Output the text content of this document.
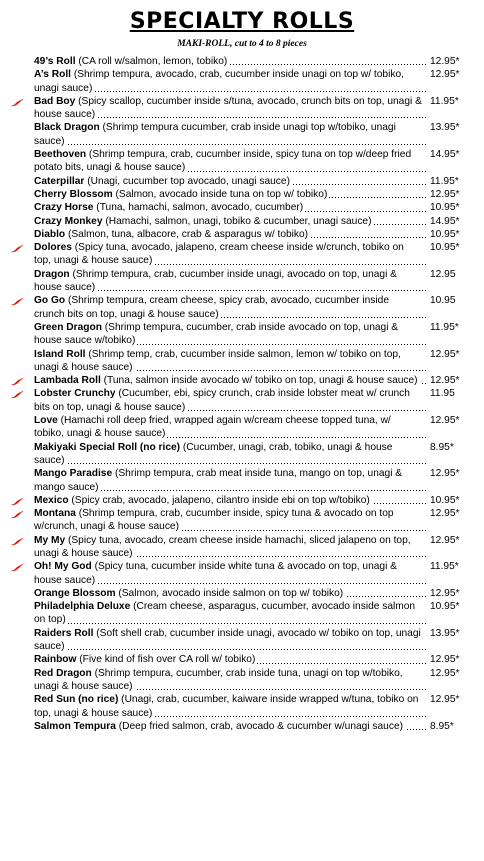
SPECIALTY ROLLS
MAKI-ROLL, cut to 4 to 8 pieces
49’s Roll (CA roll w/salmon, lemon, tobiko)	12.95*
A’s Roll (Shrimp tempura, avocado, crab, cucumber inside unagi on top w/ tobiko, unagi sauce)
12.95*
Bad Boy (Spicy scallop, cucumber inside s/tuna, avocado, crunch bits on top, unagi & house sauce)
11.95*
Black Dragon (Shrimp tempura cucumber, crab inside unagi top w/tobiko, unagi sauce)
13.95*
Beethoven (Shrimp tempura, crab, cucumber inside, spicy tuna on top w/deep fried potato bits, unagi & house sauce)
14.95*
Caterpillar (Unagi, cucumber top avocado, unagi sauce)	11.95*
Cherry Blossom (Salmon, avocado inside tuna on top w/ tobiko)	12.95*
Crazy Horse (Tuna, hamachi, salmon, avocado, cucumber)	10.95*
Crazy Monkey (Hamachi, salmon, unagi, tobiko & cucumber, unagi sauce)	14.95*
Diablo (Salmon, tuna, albacore, crab & asparagus w/ tobiko)	10.95*
Dolores (Spicy tuna, avocado, jalapeno, cream cheese inside w/crunch, tobiko on top, unagi & house sauce)
10.95*
Dragon (Shrimp tempura, crab, cucumber inside unagi, avocado on top, unagi & house sauce)
12.95
Go Go (Shrimp tempura, cream cheese, spicy crab, avocado, cucumber inside crunch bits on top, unagi & house sauce)
10.95
Green Dragon (Shrimp tempura, cucumber, crab inside avocado on top, unagi & house sauce w/tobiko)
11.95*
Island Roll (Shrimp temp, crab, cucumber inside salmon, lemon w/ tobiko on top, unagi & house sauce)
12.95*
Lambada Roll (Tuna, salmon inside avocado w/ tobiko on top, unagi & house sauce)	12.95*
Lobster Crunchy (Cucumber, ebi, spicy crunch, crab inside lobster meat w/ crunch bits on top, unagi & house sauce)
11.95
Love (Hamachi roll deep fried, wrapped again w/cream cheese topped tuna, w/ tobiko, unagi & house sauce)
12.95*
Makiyaki Special Roll (no rice) (Cucumber, unagi, crab, tobiko, unagi & house sauce)
8.95*
Mango Paradise (Shrimp tempura, crab meat inside tuna, mango on top, unagi & mango sauce)
12.95*
Mexico (Spicy crab, avocado, jalapeno, cilantro inside ebi on top w/tobiko)	10.95*
Montana (Shrimp tempura, crab, cucumber inside, spicy tuna & avocado on top w/crunch, unagi & house sauce)
12.95*
My My (Spicy tuna, avocado, cream cheese inside hamachi, sliced jalapeno on top, unagi & house sauce)
12.95*
Oh! My God (Spicy tuna, cucumber inside white tuna & avocado on top, unagi & house sauce)
11.95*
Orange Blossom (Salmon, avocado inside salmon on top w/ tobiko)	12.95*
Philadelphia Deluxe (Cream cheese, asparagus, cucumber, avocado inside salmon on top)
10.95*
Raiders Roll (Soft shell crab, cucumber inside unagi, avocado w/ tobiko on top, unagi sauce)
13.95*
Rainbow (Five kind of fish over CA roll w/ tobiko)	12.95*
Red Dragon (Shrimp tempura, cucumber, crab inside tuna, unagi on top w/tobiko, unagi & house sauce)
12.95*
Red Sun (no rice) (Unagi, crab, cucumber, kaiware inside wrapped w/tuna, tobiko on top, unagi & house sauce)
12.95*
Salmon Tempura (Deep fried salmon, crab, avocado & cucumber w/unagi sauce)	8.95*
